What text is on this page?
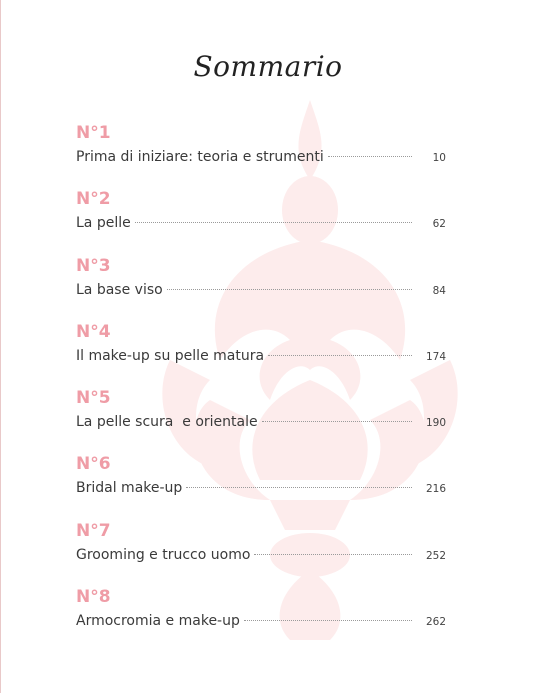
Sommario
N°1
Prima di iniziare: teoria e strumenti	10
N°2
La pelle	62
N°3
La base viso	84
N°4
Il make-up su pelle matura	174
N°5
La pelle scura  e orientale	190
N°6
Bridal make-up	216
N°7
Grooming e trucco uomo	252
N°8
Armocromia e make-up	262
